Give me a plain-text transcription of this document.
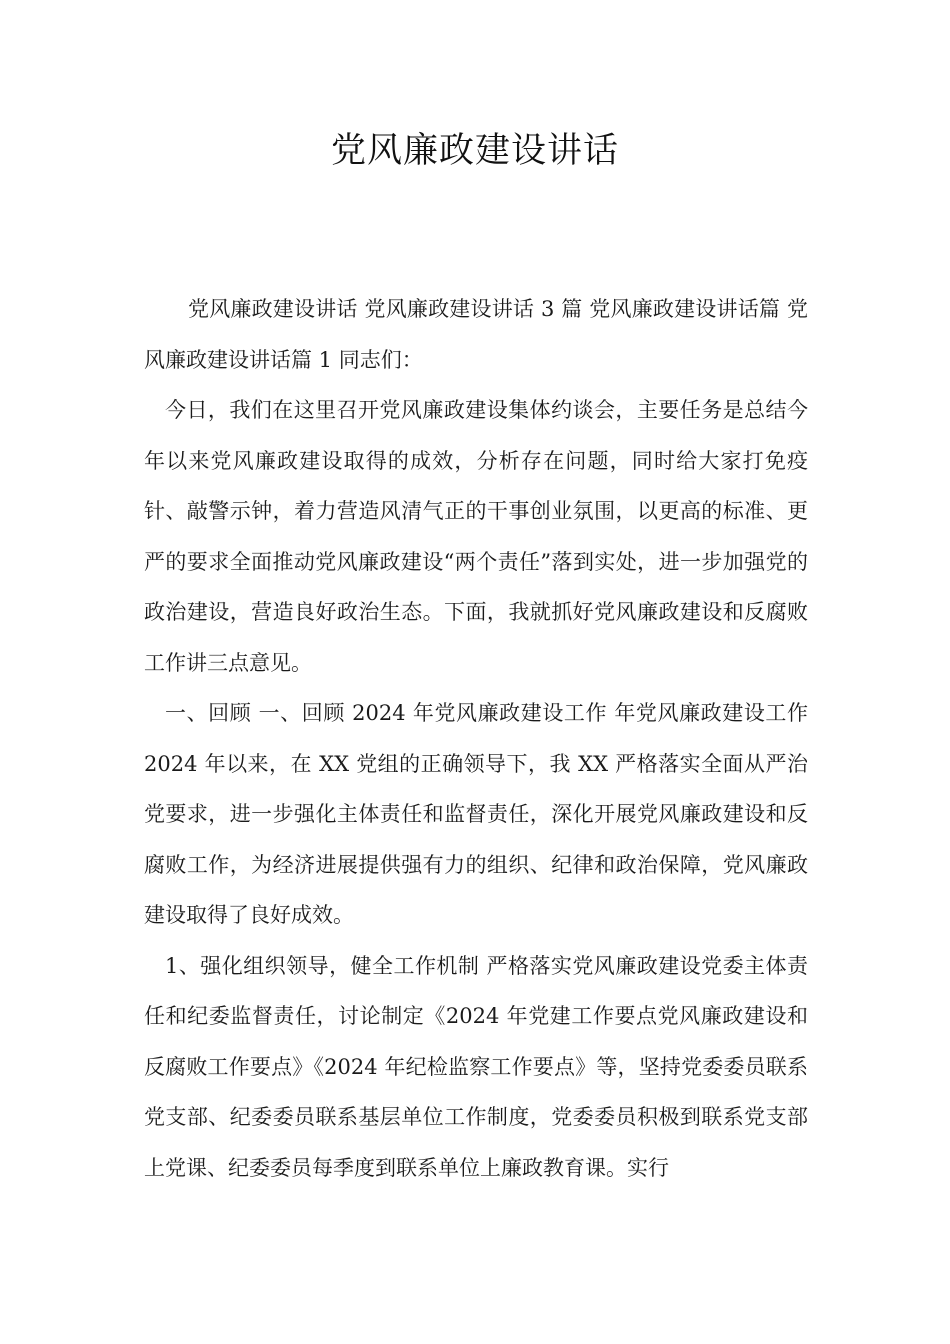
党风廉政建设讲话

党风廉政建设讲话 党风廉政建设讲话 3 篇 党风廉政建设讲话篇 党风廉政建设讲话篇 1 同志们：

今日，我们在这里召开党风廉政建设集体约谈会，主要任务是总结今年以来党风廉政建设取得的成效，分析存在问题，同时给大家打免疫针、敲警示钟，着力营造风清气正的干事创业氛围，以更高的标准、更严的要求全面推动党风廉政建设“两个责任”落到实处，进一步加强党的政治建设，营造良好政治生态。下面，我就抓好党风廉政建设和反腐败工作讲三点意见。

一、回顾 一、回顾 2024 年党风廉政建设工作 年党风廉政建设工作 2024 年以来，在 XX 党组的正确领导下，我 XX 严格落实全面从严治党要求，进一步强化主体责任和监督责任，深化开展党风廉政建设和反腐败工作，为经济进展提供强有力的组织、纪律和政治保障，党风廉政建设取得了良好成效。

1、强化组织领导，健全工作机制 严格落实党风廉政建设党委主体责任和纪委监督责任，讨论制定《2024 年党建工作要点党风廉政建设和反腐败工作要点》《2024 年纪检监察工作要点》等，坚持党委委员联系党支部、纪委委员联系基层单位工作制度，党委委员积极到联系党支部上党课、纪委委员每季度到联系单位上廉政教育课。实行
